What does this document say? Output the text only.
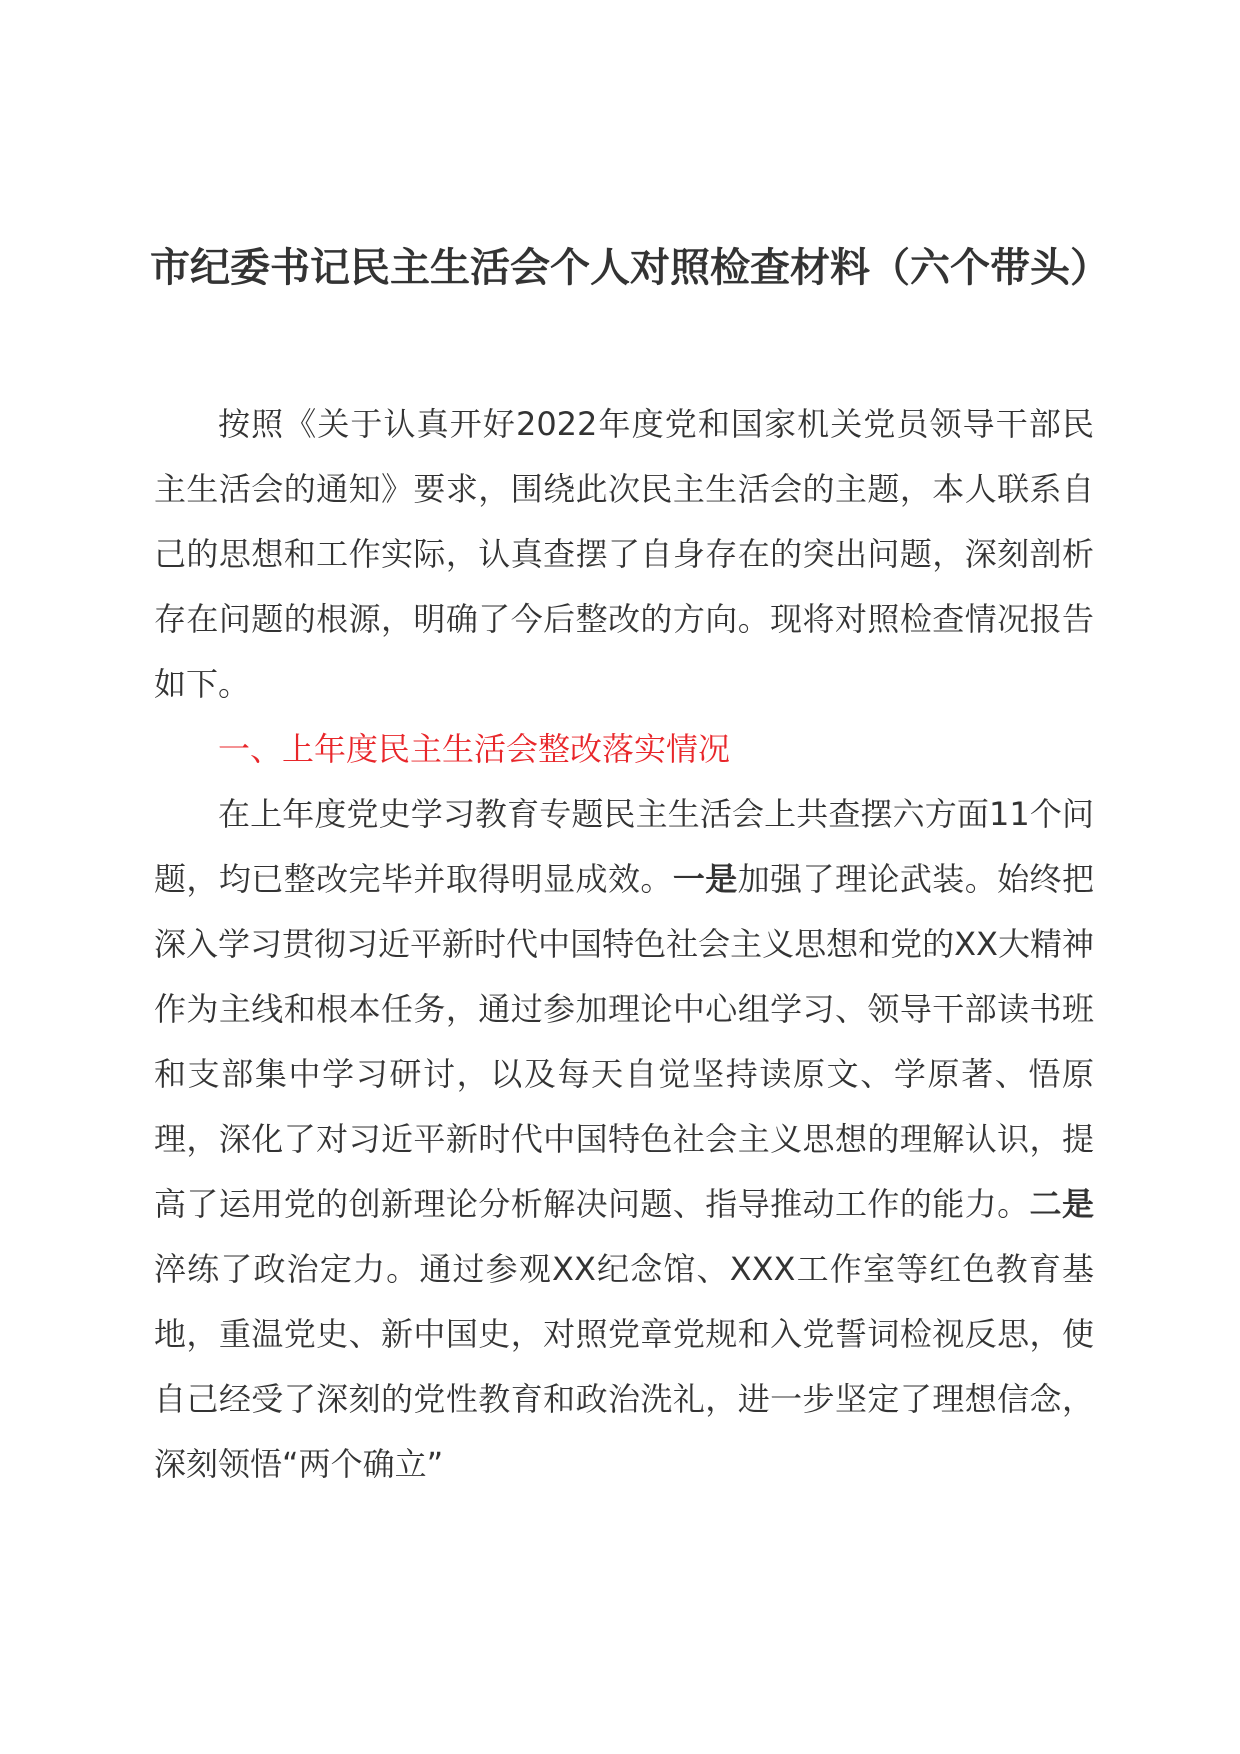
市纪委书记民主生活会个人对照检查材料（六个带头）

按照《关于认真开好2022年度党和国家机关党员领导干部民主生活会的通知》要求，围绕此次民主生活会的主题，本人联系自己的思想和工作实际，认真查摆了自身存在的突出问题，深刻剖析存在问题的根源，明确了今后整改的方向。现将对照检查情况报告如下。

一、上年度民主生活会整改落实情况

在上年度党史学习教育专题民主生活会上共查摆六方面11个问题，均已整改完毕并取得明显成效。一是加强了理论武装。始终把深入学习贯彻习近平新时代中国特色社会主义思想和党的XX大精神作为主线和根本任务，通过参加理论中心组学习、领导干部读书班和支部集中学习研讨，以及每天自觉坚持读原文、学原著、悟原理，深化了对习近平新时代中国特色社会主义思想的理解认识，提高了运用党的创新理论分析解决问题、指导推动工作的能力。二是淬练了政治定力。通过参观XX纪念馆、XXX工作室等红色教育基地，重温党史、新中国史，对照党章党规和入党誓词检视反思，使自己经受了深刻的党性教育和政治洗礼，进一步坚定了理想信念，深刻领悟“两个确立”
